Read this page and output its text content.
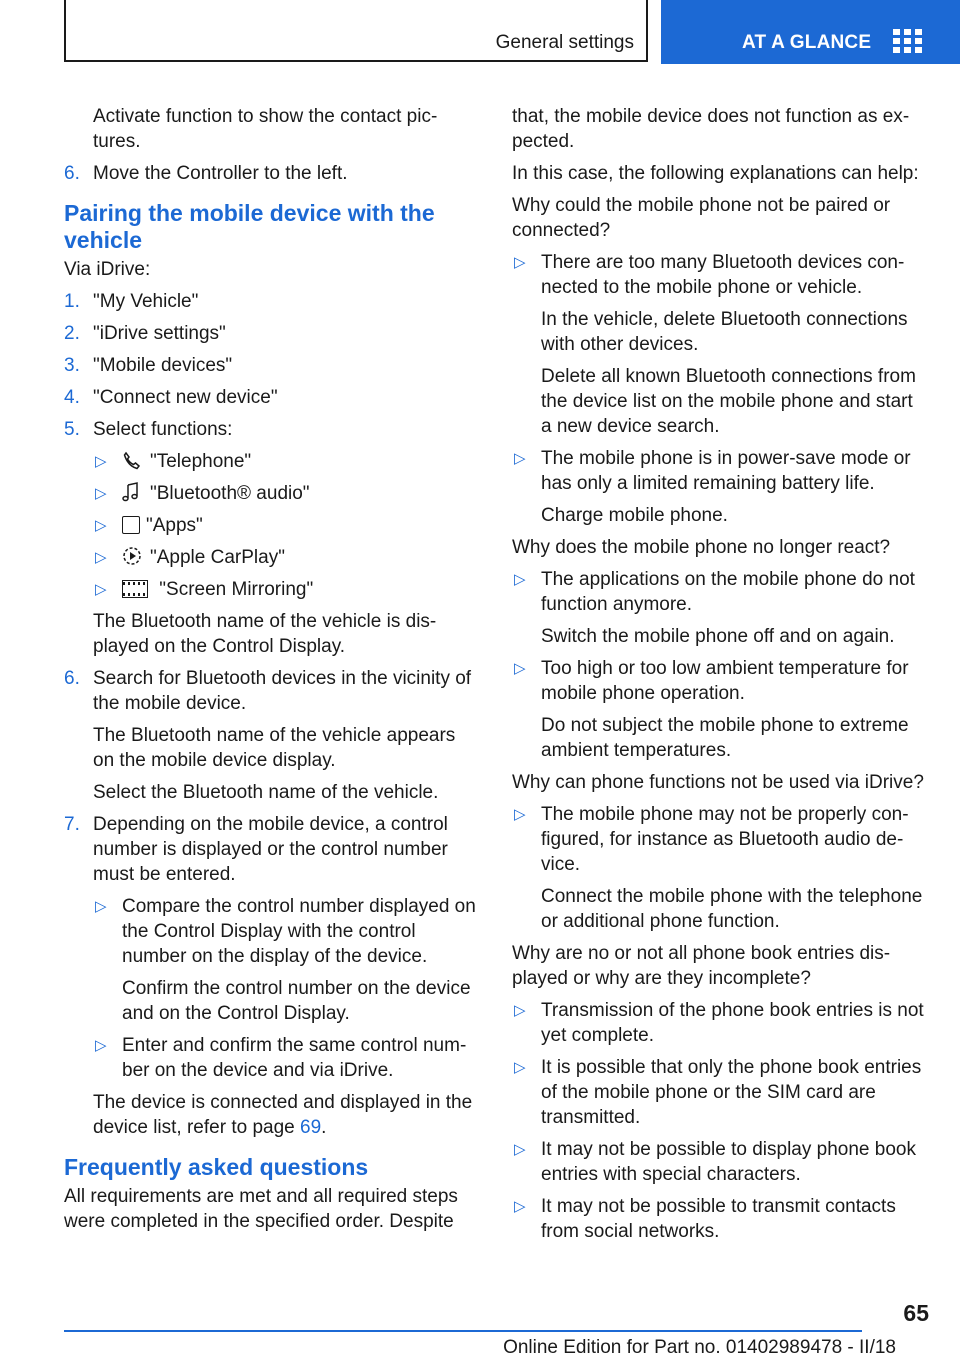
General settings	AT A GLANCE

Activate function to show the contact pictures.

6. Move the Controller to the left.
Pairing the mobile device with the vehicle

Via iDrive:

1. "My Vehicle"
2. "iDrive settings"
3. "Mobile devices"
4. "Connect new device"
5. Select functions:
▷ "Telephone"
▷ "Bluetooth® audio"
▷ "Apps"
▷ "Apple CarPlay"
▷	"Screen Mirroring"

The Bluetooth name of the vehicle is displayed on the Control Display.

6. Search for Bluetooth devices in the vicinity of the mobile device.

The Bluetooth name of the vehicle appears on the mobile device display.

Select the Bluetooth name of the vehicle.

7. Depending on the mobile device, a control number is displayed or the control number must be entered.
▷ Compare the control number displayed on the Control Display with the control number on the display of the device.

Confirm the control number on the device and on the Control Display.

▷ Enter and confirm the same control number on the device and via iDrive.

The device is connected and displayed in the device list, refer to page 69.

Frequently asked questions

All requirements are met and all required steps were completed in the specified order. Despite

that, the mobile device does not function as expected.

In this case, the following explanations can help:

Why could the mobile phone not be paired or connected?

▷ There are too many Bluetooth devices connected to the mobile phone or vehicle.

In the vehicle, delete Bluetooth connections with other devices.

Delete all known Bluetooth connections from the device list on the mobile phone and start a new device search.

▷ The mobile phone is in power-save mode or has only a limited remaining battery life.

Charge mobile phone.

Why does the mobile phone no longer react?

▷ The applications on the mobile phone do not function anymore.

Switch the mobile phone off and on again.

▷ Too high or too low ambient temperature for mobile phone operation.

Do not subject the mobile phone to extreme ambient temperatures.

Why can phone functions not be used via iDrive?

▷ The mobile phone may not be properly configured, for instance as Bluetooth audio device.

Connect the mobile phone with the telephone or additional phone function.

Why are no or not all phone book entries displayed or why are they incomplete?

▷ Transmission of the phone book entries is not yet complete.
▷ It is possible that only the phone book entries of the mobile phone or the SIM card are transmitted.
▷ It may not be possible to display phone book entries with special characters.
▷ It may not be possible to transmit contacts from social networks.
65
Online Edition for Part no. 01402989478 - II/18
